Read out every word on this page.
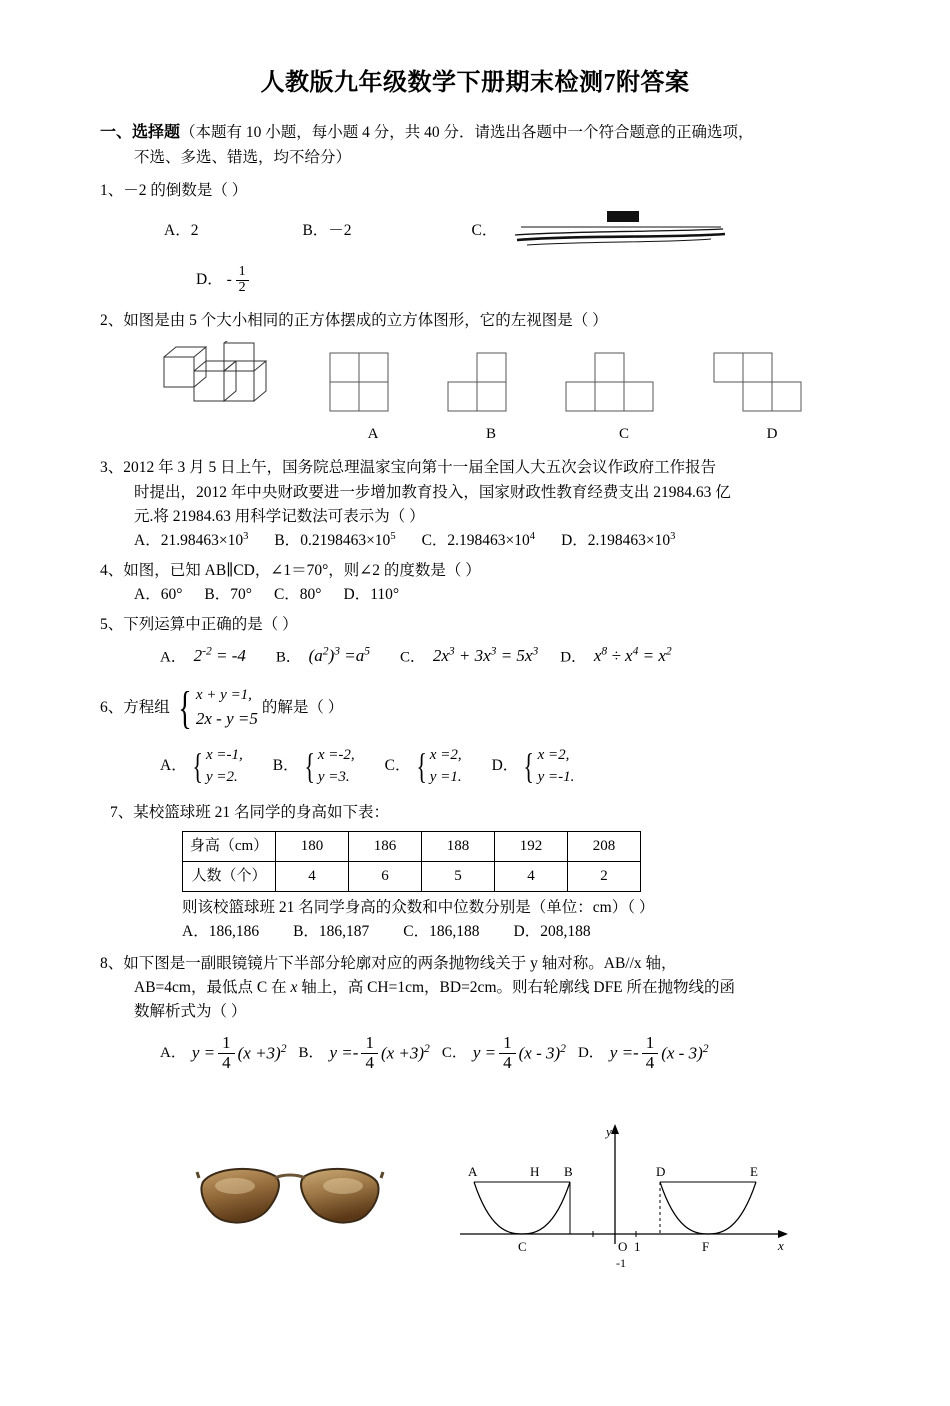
人教版九年级数学下册期末检测7附答案
一、选择题（本题有 10 小题，每小题 4 分，共 40 分．请选出各题中一个符合题意的正确选项，
不选、多选、错选，均不给分）
1、－2 的倒数是（ ）
A．2	B．－2	C．
D． - $\frac{1}{2}$
2、如图是由 5 个大小相同的正方体摆成的立方体图形，它的左视图是（ ）
A	B	C	D
3、2012 年 3 月 5 日上午，国务院总理温家宝向第十一届全国人大五次会议作政府工作报告
时提出，2012 年中央财政要进一步增加教育投入，国家财政性教育经费支出 21984.63 亿
元.将 21984.63 用科学记数法可表示为（ ）
A．$21.98463\times 10^3$ B．$0.2198463\times 10^5$ C．$2.198463\times 10^4$ D．$2.198463\times 10^3$
4、如图，已知 AB∥CD，∠1＝70°，则∠2 的度数是（ ）
A．60° B．70° C．80° D．110°
5、下列运算中正确的是（ ）
A． $2^{-2} = -4$ B． $(a^2)^3 =a^5$ C． $2x^3 + 3x^3 = 5x^3$ D． $x^8 \div x^4 = x^2$
6、 方程组 { x + y =1,
2x - y =5
的解是（ ）
A． { x =-1,
y =2.
B． { x =-2,
y =3.
C． { x =2,
y =1.
D． { x =2,
y =-1.
7、某校篮球班 21 名同学的身高如下表：
身高（cm）	180	186	188	192	208
人数（个）	4	6	5	4	2
则该校篮球班 21 名同学身高的众数和中位数分别是（单位：cm）（ ）
A．186,186 B．186,187 C．186,188 D．208,188
8、如下图是一副眼镜镜片下半部分轮廓对应的两条抛物线关于 y 轴对称。AB//x 轴，
AB=4cm，最低点 C 在 x 轴上，高 CH=1cm，BD=2cm。则右轮廓线 DFE 所在抛物线的函
数解析式为（ ）
A． $y = \frac{1}{4} (x +3)^2$ B． $y =- \frac{1}{4} (x +3)^2$ C． $y = \frac{1}{4} (x - 3)^2$ D． $y =- \frac{1}{4} (x - 3)^2$
y
x
A	H B	D	E
C	O 1	F
-1
